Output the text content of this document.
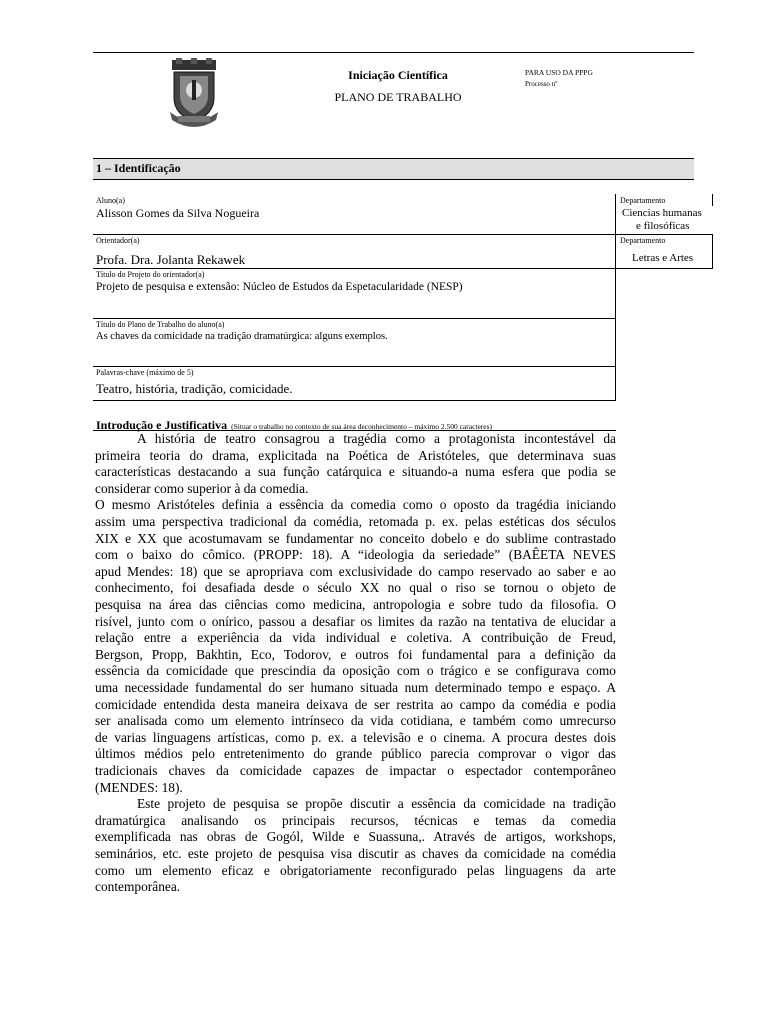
Iniciação Científica
PLANO DE TRABALHO
PARA USO DA PPPG
Processo nº
1 – Identificação
Aluno(a)
Alisson Gomes da Silva Nogueira
Departamento
Ciencias humanas
e filosóficas
Orientador(a)
Profa. Dra. Jolanta Rekawek
Departamento
Letras e Artes
Título do Projeto do orientador(a)
Projeto de pesquisa e extensão: Núcleo de Estudos da Espetacularidade (NESP)
Título do Plano de Trabalho do aluno(a)
As chaves da comicidade na tradição dramatúrgica: alguns exemplos.
Palavras-chave (máximo de 5)
Teatro, história, tradição, comicidade.
Introdução e Justificativa (Situar o trabalho no contexto de sua área deconhecimento – máximo 2.500 caracteres)

A história de teatro consagrou a tragédia como a protagonista incontestável da

primeira teoria do drama, explicitada na Poética de Aristóteles, que determinava suas

características destacando a sua função catárquica e situando-a numa esfera que podia se

considerar como superior à da comedia.

O mesmo Aristóteles definia a essência da comedia como o oposto da tragédia iniciando

assim uma perspectiva tradicional da comédia, retomada p. ex. pelas estéticas dos séculos

XIX e XX que acostumavam se fundamentar no conceito dobelo e do sublime contrastado

com o baixo do cômico. (PROPP: 18). A “ideologia da seriedade” (BAÊETA NEVES

apud Mendes: 18) que se apropriava com exclusividade do campo reservado ao saber e ao

conhecimento, foi desafiada desde o século XX no qual o riso se tornou o objeto de

pesquisa na área das ciências como medicina, antropologia e sobre tudo da filosofia. O

risível, junto com o onírico, passou a desafiar os limites da razão na tentativa de elucidar a

relação entre a experiência da vida individual e coletiva. A contribuição de Freud,

Bergson, Propp, Bakhtin, Eco, Todorov, e outros foi fundamental para a definição da

essência da comicidade que prescindia da oposição com o trágico e se configurava como

uma necessidade fundamental do ser humano situada num determinado tempo e espaço. A

comicidade entendida desta maneira deixava de ser restrita ao campo da comédia e podia

ser analisada como um elemento intrínseco da vida cotidiana, e também como umrecurso

de varias linguagens artísticas, como p. ex. a televisão e o cinema. A procura destes dois

últimos médios pelo entretenimento do grande público parecia comprovar o vigor das

tradicionais chaves da comicidade capazes de impactar o espectador contemporâneo

(MENDES: 18).

Este projeto de pesquisa se propõe discutir a essência da comicidade na tradição

dramatúrgica analisando os principais recursos, técnicas e temas da comedia

exemplificada nas obras de Gogól, Wilde e Suassuna,. Através de artigos, workshops,

seminários, etc. este projeto de pesquisa visa discutir as chaves da comicidade na comédia

como um elemento eficaz e obrigatoriamente reconfigurado pelas linguagens da arte

contemporânea.
